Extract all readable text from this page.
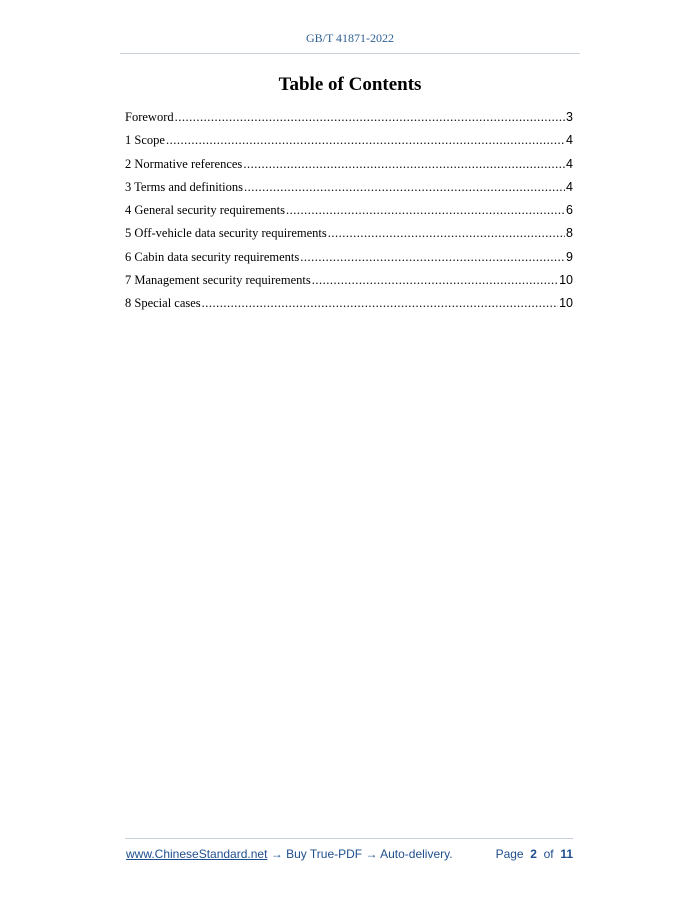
GB/T 41871-2022
Table of Contents
Foreword .....	3
1 Scope .....	4
2 Normative references .....	4
3 Terms and definitions .....	4
4 General security requirements .....	6
5 Off-vehicle data security requirements .....	8
6 Cabin data security requirements .....	9
7 Management security requirements .....	10
8 Special cases .....	10
www.ChineseStandard.net → Buy True-PDF → Auto-delivery.	Page 2 of 11
